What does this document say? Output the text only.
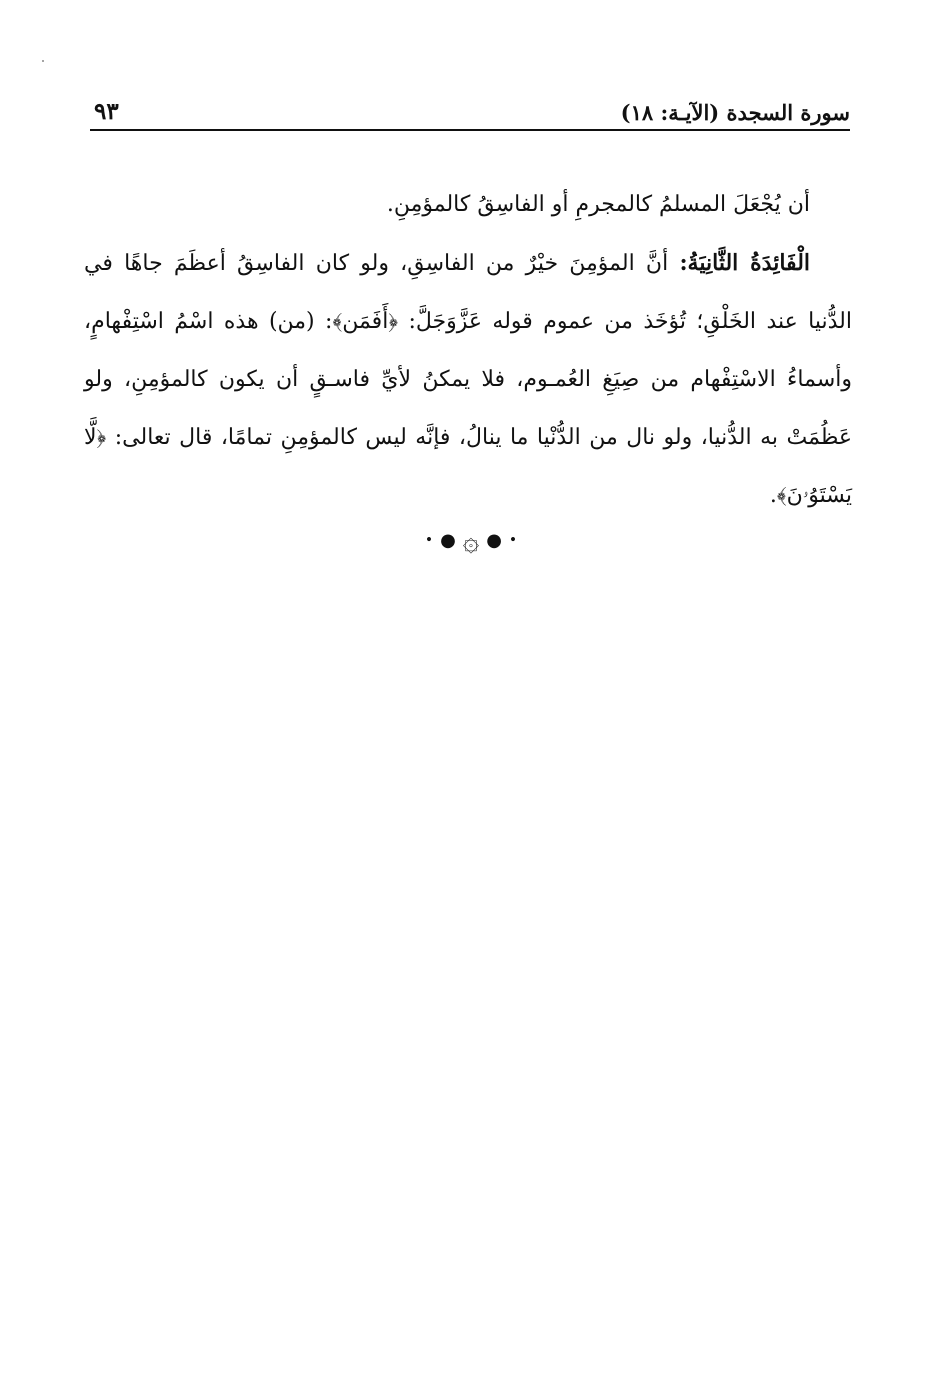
سورة السجدة (الآيـة: ١٨)
٩٣

أن يُجْعَلَ المسلمُ كالمجرمِ أو الفاسِقُ كالمؤمِنِ.

الْفَائِدَةُ الثَّانِيَةُ: أنَّ المؤمِنَ خيْرٌ من الفاسِقِ، ولو كان الفاسِقُ أعظَمَ جاهًا في الدُّنيا عند الخَلْقِ؛ تُؤخَذ من عموم قوله عَزَّوَجَلَّ: ﴿أَفَمَن﴾: (من) هذه اسْمُ اسْتِفْهامٍ، وأسماءُ الاسْتِفْهام من صِيَغِ العُمـوم، فلا يمكنُ لأيِّ فاسـقٍ أن يكون كالمؤمِنِ، ولو عَظُمَتْ به الدُّنيا، ولو نال من الدُّنْيا ما ينالُ، فإنَّه ليس كالمؤمِنِ تمامًا، قال تعالى: ﴿لَّا يَسْتَوُۥنَ﴾.

• ● ۞ ● •
